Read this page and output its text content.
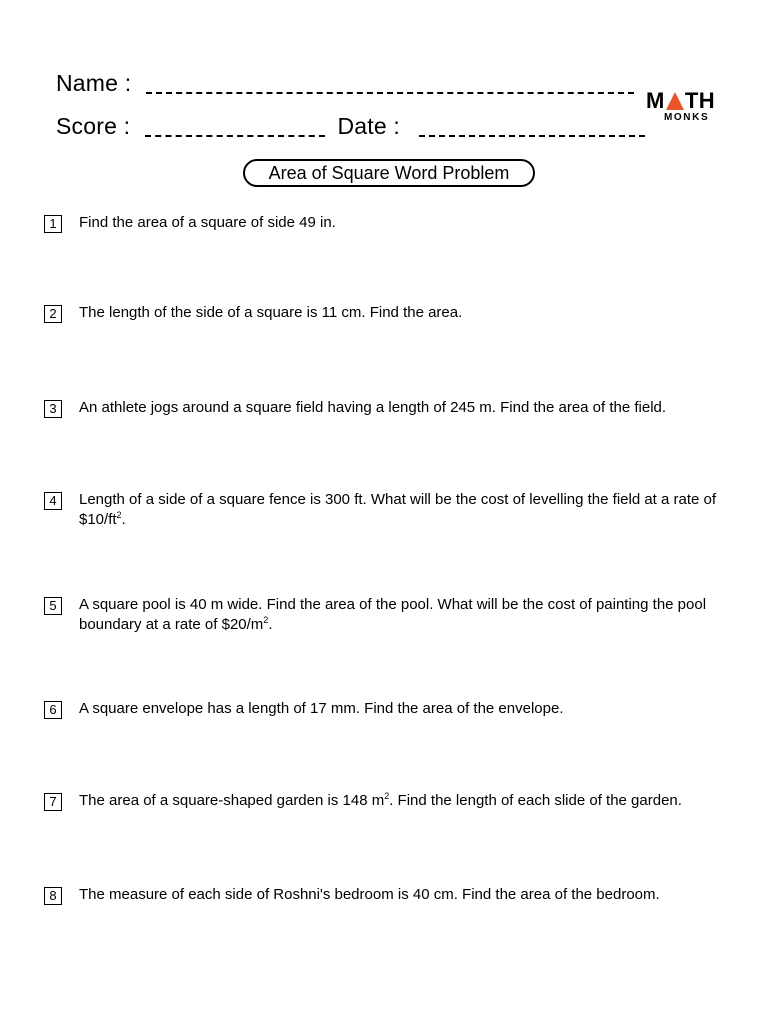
Name :
Score :	Date :
M TH
MONKS
Area of Square Word Problem
1	Find the area of a square of side 49 in.
2	The length of the side of a square is 11 cm. Find the area.
3	An athlete jogs around a square field having a length of 245 m. Find the area of the field.
4	Length of a side of a square fence is 300 ft. What will be the cost of levelling the field at a rate of $\$10/ft^2$.
5	A square pool is 40 m wide. Find the area of the pool. What will be the cost of painting the pool boundary at a rate of $\$20/m^2$.
6	A square envelope has a length of 17 mm. Find the area of the envelope.
7	The area of a square-shaped garden is 148 $m^2$. Find the length of each slide of the garden.
8	The measure of each side of Roshni's bedroom is 40 cm. Find the area of the bedroom.
